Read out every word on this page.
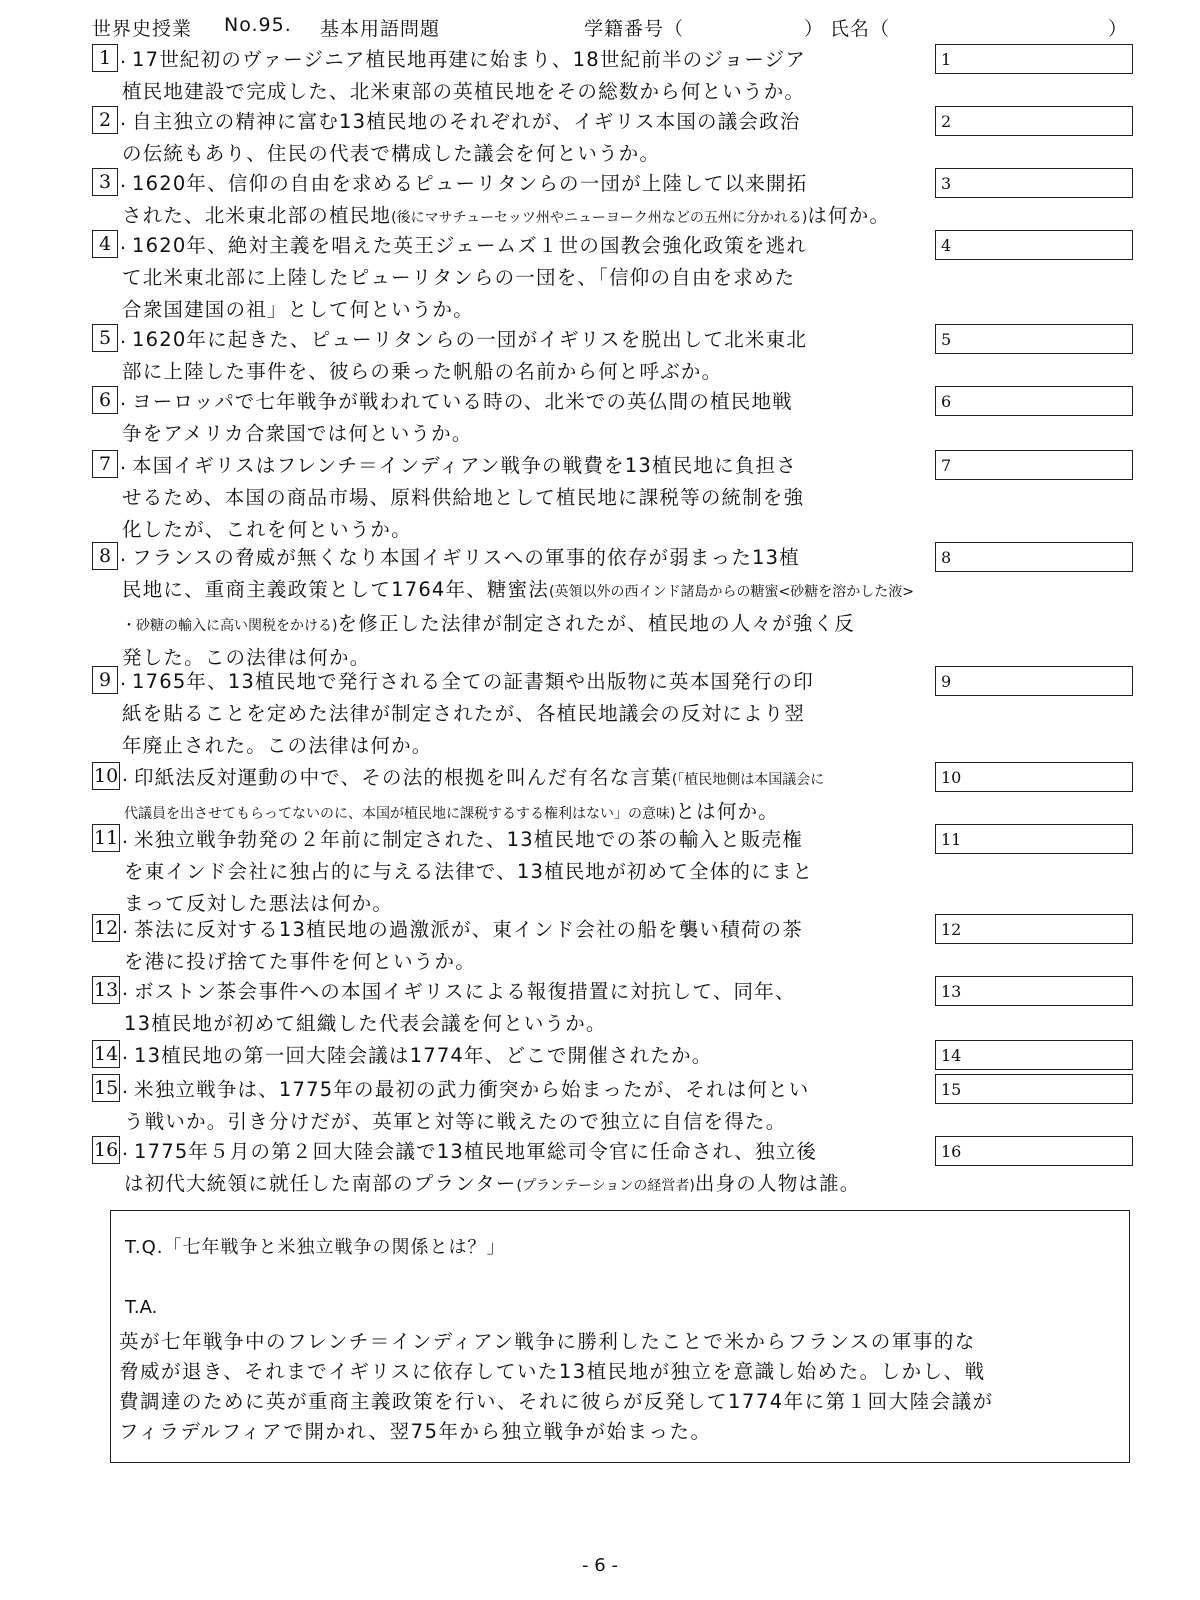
世界史授業 No.95. 基本用語問題	学籍番号（　　　　　　） 氏名（	）
1	17世紀初のヴァージニア植民地再建に始まり、18世紀前半のジョージア
植民地建設で完成した、北米東部の英植民地をその総数から何というか。
1
.
2	自主独立の精神に富む13植民地のそれぞれが、イギリス本国の議会政治
の伝統もあり、住民の代表で構成した議会を何というか。
2
.
3	1620年、信仰の自由を求めるピューリタンらの一団が上陸して以来開拓
された、北米東北部の植民地(後にマサチューセッツ州やニューヨーク州などの五州に分かれる)は何か。
3
.
4	1620年、絶対主義を唱えた英王ジェームズ１世の国教会強化政策を逃れ
て北米東北部に上陸したピューリタンらの一団を、「信仰の自由を求めた
合衆国建国の祖」として何というか。
4
.
5	1620年に起きた、ピューリタンらの一団がイギリスを脱出して北米東北
部に上陸した事件を、彼らの乗った帆船の名前から何と呼ぶか。
5
.
6	ヨーロッパで七年戦争が戦われている時の、北米での英仏間の植民地戦
争をアメリカ合衆国では何というか。
6
.
7	本国イギリスはフレンチ＝インディアン戦争の戦費を13植民地に負担さ
せるため、本国の商品市場、原料供給地として植民地に課税等の統制を強
化したが、これを何というか。
7
.
8	フランスの脅威が無くなり本国イギリスへの軍事的依存が弱まった13植
民地に、重商主義政策として1764年、糖蜜法(英領以外の西インド諸島からの糖蜜<砂糖を溶かした液>
・砂糖の輸入に高い関税をかける)を修正した法律が制定されたが、植民地の人々が強く反
発した。この法律は何か。
8
.
9	1765年、13植民地で発行される全ての証書類や出版物に英本国発行の印
紙を貼ることを定めた法律が制定されたが、各植民地議会の反対により翌
年廃止された。この法律は何か。
9
.
10 印紙法反対運動の中で、その法的根拠を叫んだ有名な言葉(「植民地側は本国議会に
代議員を出させてもらってないのに、本国が植民地に課税するする権利はない」の意味)とは何か。
10
.
11 米独立戦争勃発の２年前に制定された、13植民地での茶の輸入と販売権
を東インド会社に独占的に与える法律で、13植民地が初めて全体的にまと
まって反対した悪法は何か。
11
.
12 茶法に反対する13植民地の過激派が、東インド会社の船を襲い積荷の茶
を港に投げ捨てた事件を何というか。
12
.
13 ボストン茶会事件への本国イギリスによる報復措置に対抗して、同年、
13植民地が初めて組織した代表会議を何というか。
13
.
14 13植民地の第一回大陸会議は1774年、どこで開催されたか。	14
.
15 米独立戦争は、1775年の最初の武力衝突から始まったが、それは何とい
う戦いか。引き分けだが、英軍と対等に戦えたので独立に自信を得た。
15
.
16 1775年５月の第２回大陸会議で13植民地軍総司令官に任命され、独立後
は初代大統領に就任した南部のプランター(プランテーションの経営者)出身の人物は誰。
16
.
T.Q.「七年戦争と米独立戦争の関係とは？」
T.A.
英が七年戦争中のフレンチ＝インディアン戦争に勝利したことで米からフランスの軍事的な
脅威が退き、それまでイギリスに依存していた13植民地が独立を意識し始めた。しかし、戦
費調達のために英が重商主義政策を行い、それに彼らが反発して1774年に第１回大陸会議が
フィラデルフィアで開かれ、翌75年から独立戦争が始まった。
- 6 -
